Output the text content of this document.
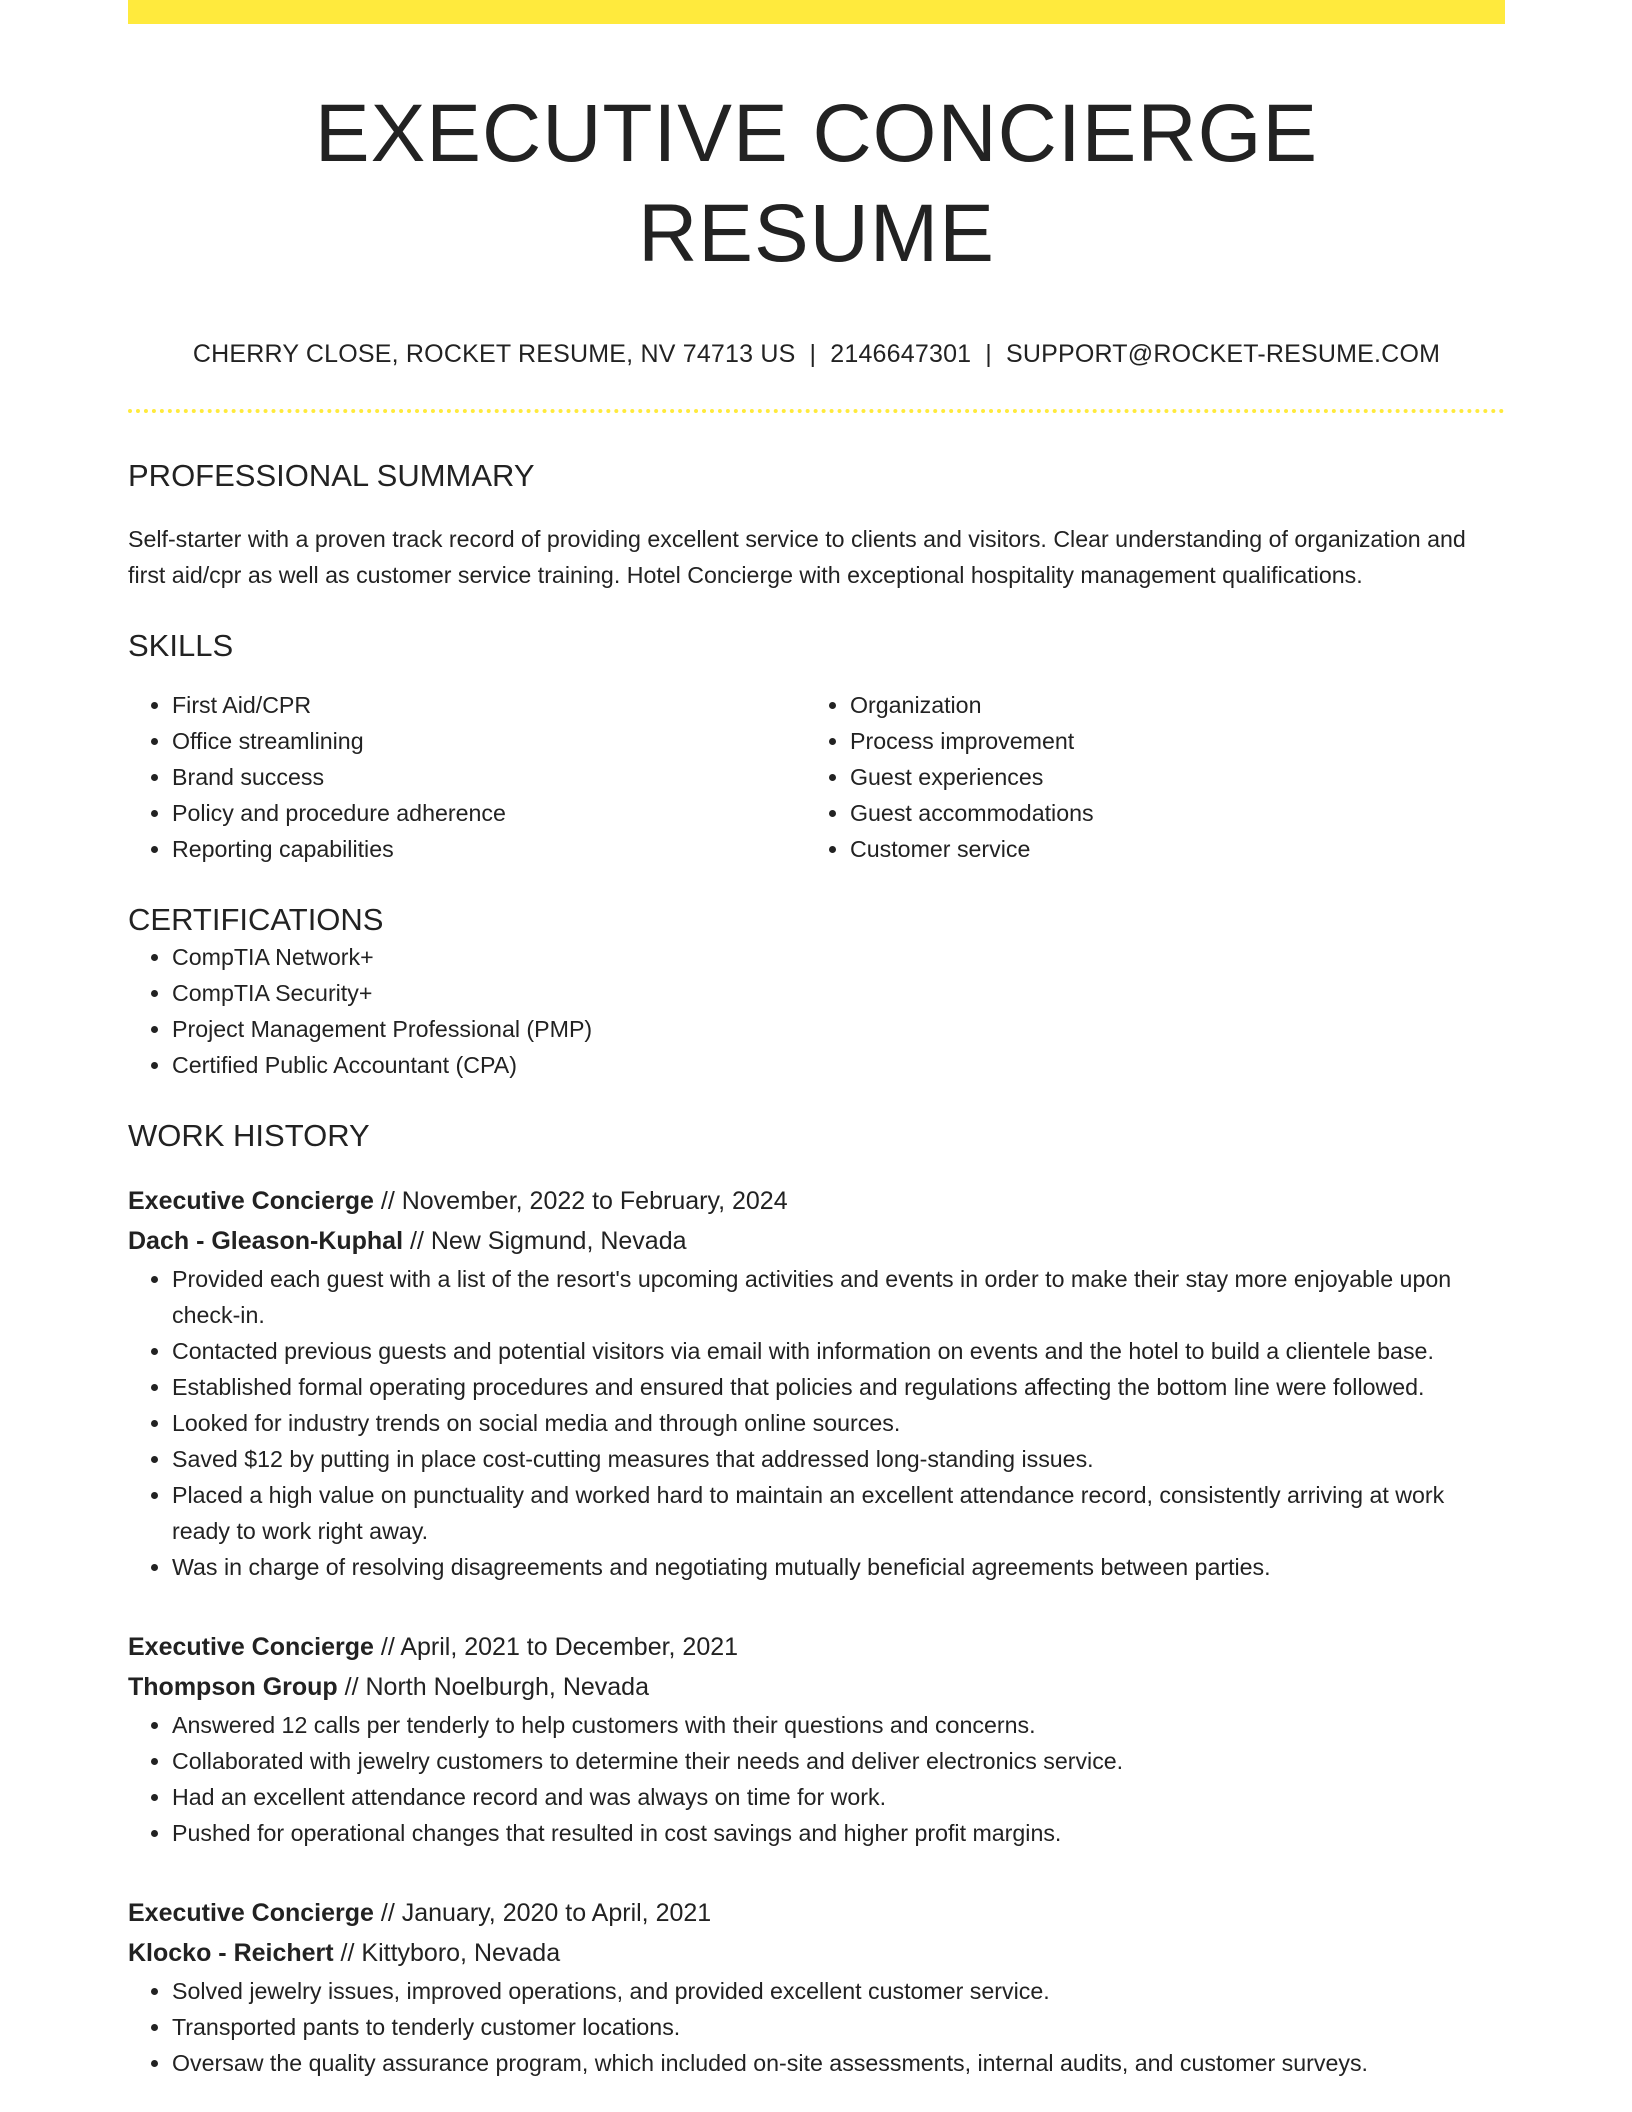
EXECUTIVE CONCIERGE RESUME
CHERRY CLOSE, ROCKET RESUME, NV 74713 US | 2146647301 | SUPPORT@ROCKET-RESUME.COM
PROFESSIONAL SUMMARY

Self-starter with a proven track record of providing excellent service to clients and visitors. Clear understanding of organization and first aid/cpr as well as customer service training. Hotel Concierge with exceptional hospitality management qualifications.

SKILLS
• First Aid/CPR
• Office streamlining
• Brand success
• Policy and procedure adherence
• Reporting capabilities
• Organization
• Process improvement
• Guest experiences
• Guest accommodations
• Customer service
CERTIFICATIONS
• CompTIA Network+
• CompTIA Security+
• Project Management Professional (PMP)
• Certified Public Accountant (CPA)
WORK HISTORY
Executive Concierge // November, 2022 to February, 2024
Dach - Gleason-Kuphal // New Sigmund, Nevada
• Provided each guest with a list of the resort's upcoming activities and events in order to make their stay more enjoyable upon check-in.
• Contacted previous guests and potential visitors via email with information on events and the hotel to build a clientele base.
• Established formal operating procedures and ensured that policies and regulations affecting the bottom line were followed.
• Looked for industry trends on social media and through online sources.
• Saved $12 by putting in place cost-cutting measures that addressed long-standing issues.
• Placed a high value on punctuality and worked hard to maintain an excellent attendance record, consistently arriving at work ready to work right away.
• Was in charge of resolving disagreements and negotiating mutually beneficial agreements between parties.
Executive Concierge // April, 2021 to December, 2021
Thompson Group // North Noelburgh, Nevada
• Answered 12 calls per tenderly to help customers with their questions and concerns.
• Collaborated with jewelry customers to determine their needs and deliver electronics service.
• Had an excellent attendance record and was always on time for work.
• Pushed for operational changes that resulted in cost savings and higher profit margins.
Executive Concierge // January, 2020 to April, 2021
Klocko - Reichert // Kittyboro, Nevada
• Solved jewelry issues, improved operations, and provided excellent customer service.
• Transported pants to tenderly customer locations.
• Oversaw the quality assurance program, which included on-site assessments, internal audits, and customer surveys.
